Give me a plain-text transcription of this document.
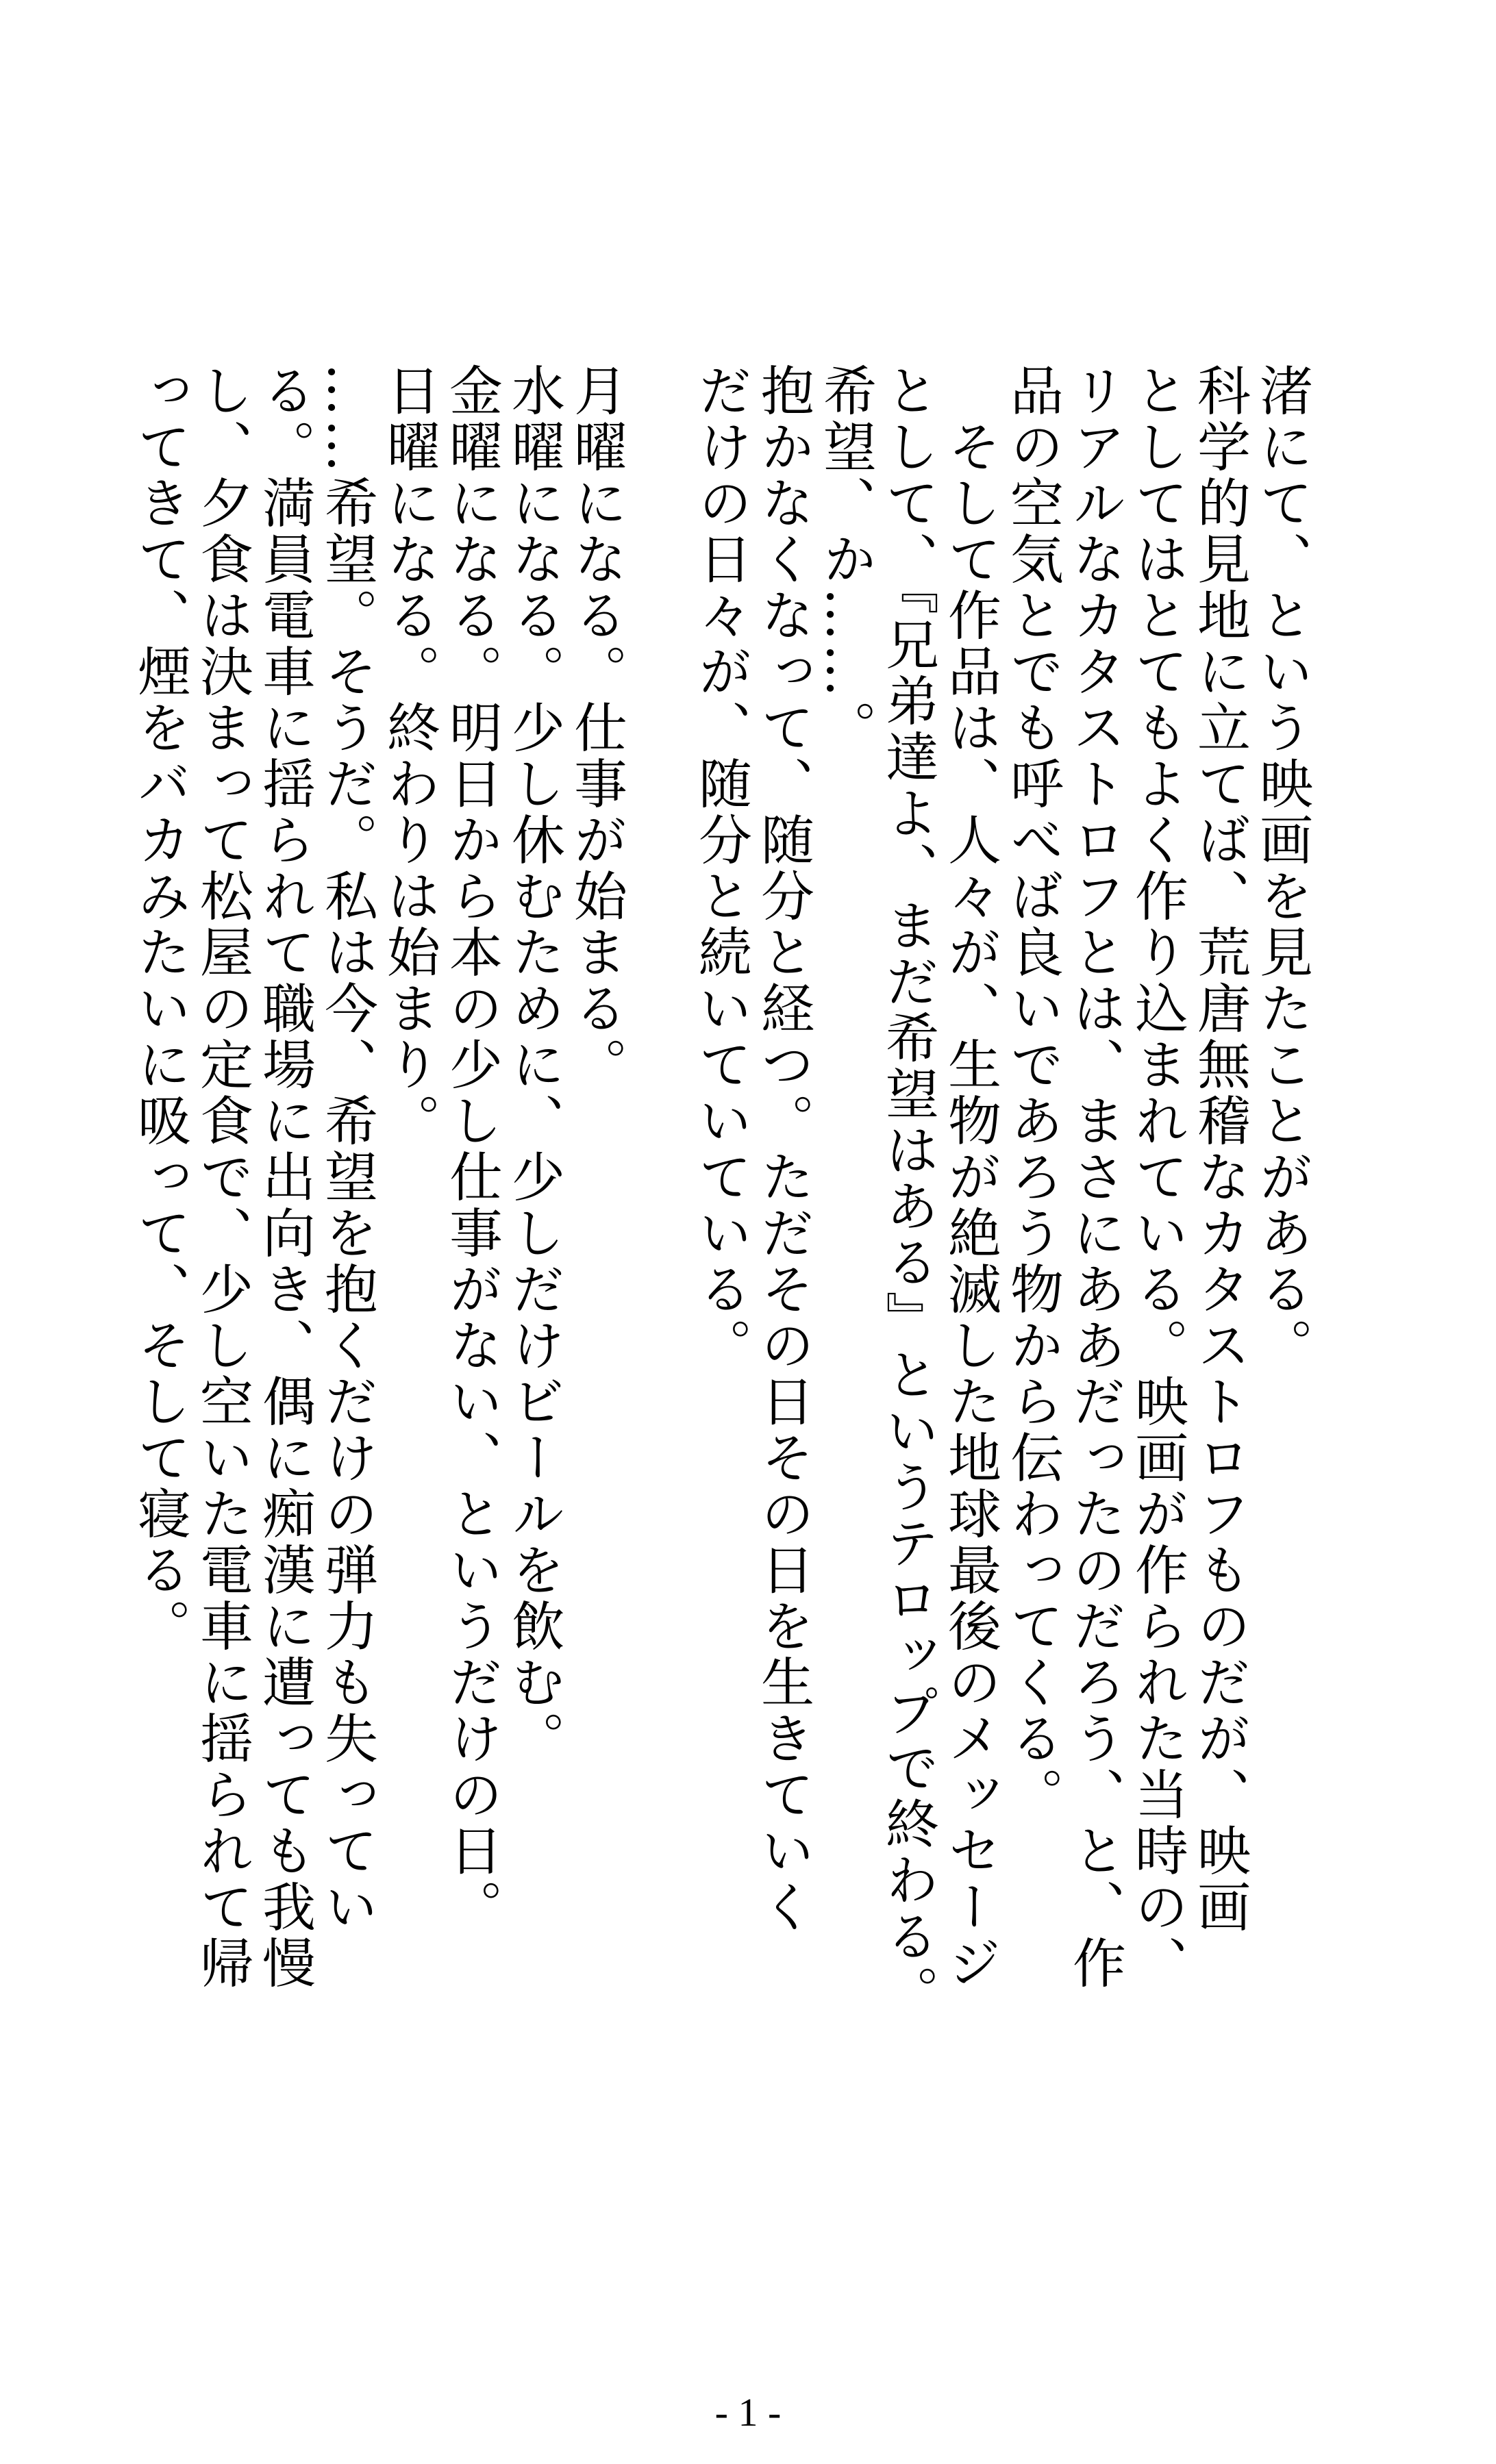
渚にて、という映画を見たことがある。

科学的見地に立てば、荒唐無稽なカタストロフものだが、映画

としてはとてもよく作り込まれている。映画が作られた当時の、

リアルなカタストロフとは、まさにああだったのだろう、と、作

品の空気とでも呼べば良いであろう物から伝わってくる。

　そして作品は、人々が、生物が絶滅した地球最後のメッセージ

として、『兄弟達よ、まだ希望はある』というテロップで終わる。

希望、か……。

抱かなくなって、随分と経つ。ただその日その日を生きていく

だけの日々が、随分と続いていている。

月曜になる。仕事が始まる。

水曜になる。少し休むために、少しだけビールを飲む。

金曜になる。明日から本の少し仕事がない、というだけの日。

日曜になる。終わりは始まり。

……希望。そうだ。私は今、希望を抱くだけの弾力も失ってい

る。満員電車に揺られて職場に出向き、偶に痴漢に遭っても我慢

し、夕食は決まって松屋の定食で、少し空いた電車に揺られて帰

ってきて、煙をバカみたいに吸って、そして寝る。

- 1 -
